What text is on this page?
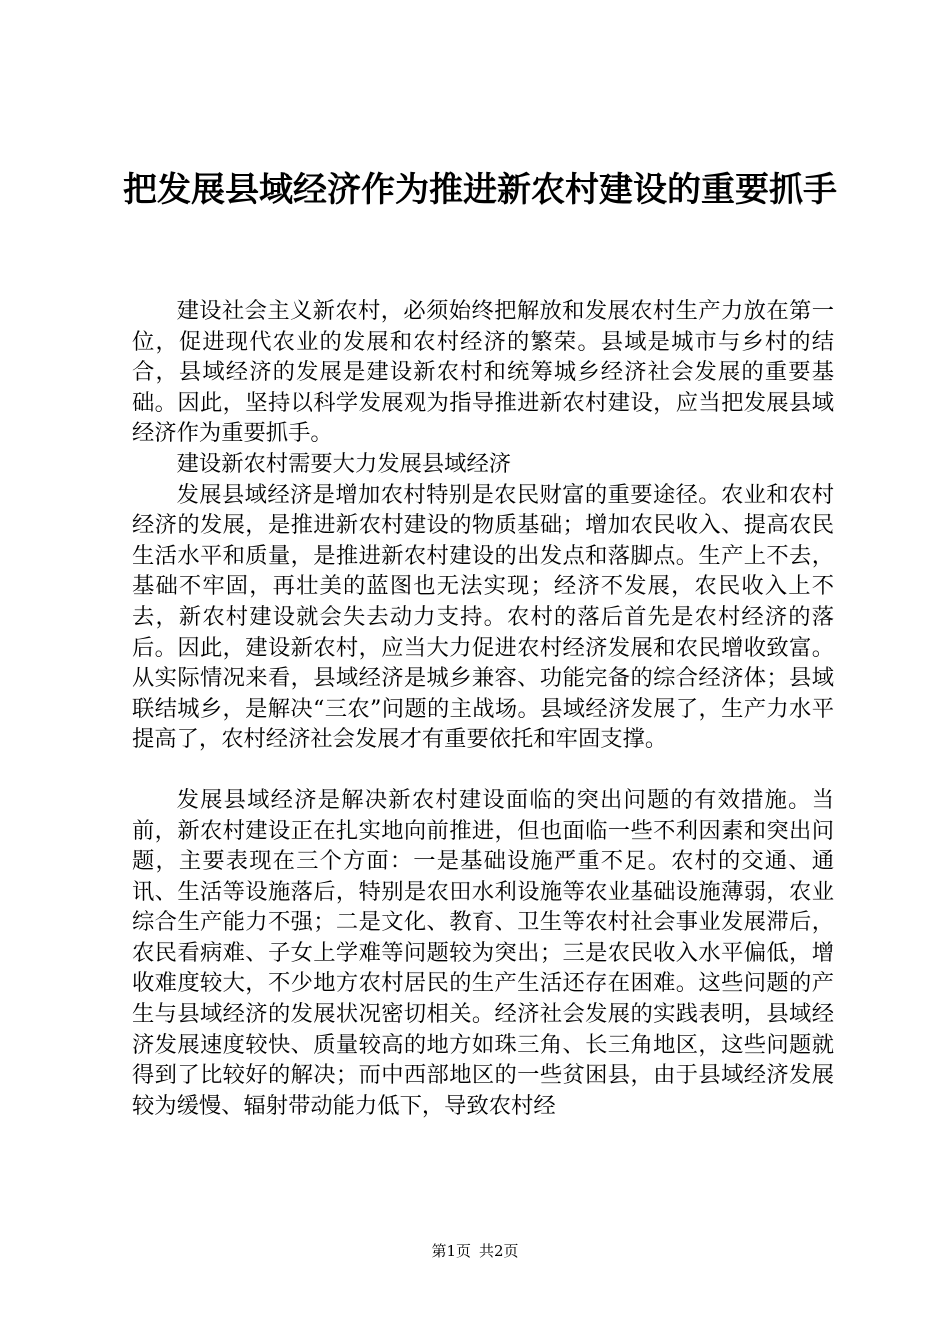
把发展县域经济作为推进新农村建设的重要抓手

建设社会主义新农村，必须始终把解放和发展农村生产力放在第一位，促进现代农业的发展和农村经济的繁荣。县域是城市与乡村的结合，县域经济的发展是建设新农村和统筹城乡经济社会发展的重要基础。因此，坚持以科学发展观为指导推进新农村建设，应当把发展县域经济作为重要抓手。

建设新农村需要大力发展县域经济

发展县域经济是增加农村特别是农民财富的重要途径。农业和农村经济的发展，是推进新农村建设的物质基础；增加农民收入、提高农民生活水平和质量，是推进新农村建设的出发点和落脚点。生产上不去，基础不牢固，再壮美的蓝图也无法实现；经济不发展，农民收入上不去，新农村建设就会失去动力支持。农村的落后首先是农村经济的落后。因此，建设新农村，应当大力促进农村经济发展和农民增收致富。从实际情况来看，县域经济是城乡兼容、功能完备的综合经济体；县域联结城乡，是解决“三农”问题的主战场。县域经济发展了，生产力水平提高了，农村经济社会发展才有重要依托和牢固支撑。

发展县域经济是解决新农村建设面临的突出问题的有效措施。当前，新农村建设正在扎实地向前推进，但也面临一些不利因素和突出问题，主要表现在三个方面：一是基础设施严重不足。农村的交通、通讯、生活等设施落后，特别是农田水利设施等农业基础设施薄弱，农业综合生产能力不强；二是文化、教育、卫生等农村社会事业发展滞后，农民看病难、子女上学难等问题较为突出；三是农民收入水平偏低，增收难度较大，不少地方农村居民的生产生活还存在困难。这些问题的产生与县域经济的发展状况密切相关。经济社会发展的实践表明，县域经济发展速度较快、质量较高的地方如珠三角、长三角地区，这些问题就得到了比较好的解决；而中西部地区的一些贫困县，由于县域经济发展较为缓慢、辐射带动能力低下，导致农村经

第1页 共2页
